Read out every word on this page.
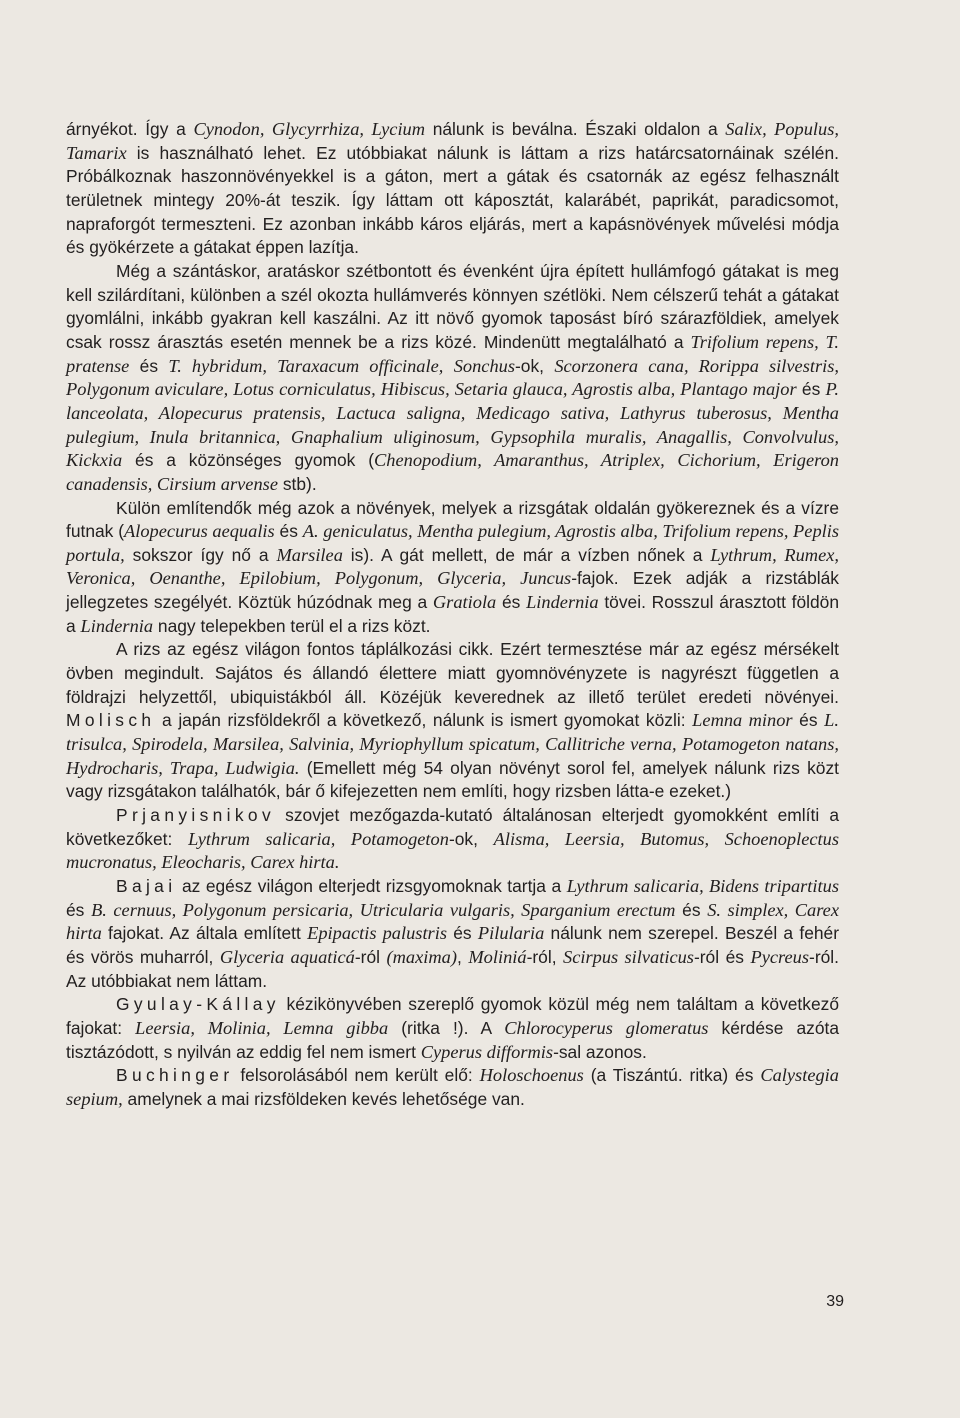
árnyékot. Így a Cynodon, Glycyrrhiza, Lycium nálunk is beválna. Északi oldalon a Salix, Populus, Tamarix is használható lehet. Ez utóbbiakat nálunk is láttam a rizs határcsatornáinak szélén. Próbálkoznak haszonnövényekkel is a gáton, mert a gátak és csatornák az egész felhasznált területnek mintegy 20%-át teszik. Így láttam ott káposztát, kalarábét, paprikát, paradicsomot, napraforgót termeszteni. Ez azonban inkább káros eljárás, mert a kapásnövények művelési módja és gyökérzete a gátakat éppen lazítja.

Még a szántáskor, aratáskor szétbontott és évenként újra épített hullámfogó gátakat is meg kell szilárdítani, különben a szél okozta hullámverés könnyen szétlöki. Nem célszerű tehát a gátakat gyomlálni, inkább gyakran kell kaszálni. Az itt növő gyomok taposást bíró szárazföldiek, amelyek csak rossz árasztás esetén mennek be a rizs közé. Mindenütt megtalálható a Trifolium repens, T. pratense és T. hybridum, Taraxacum officinale, Sonchus-ok, Scorzonera cana, Rorippa silvestris, Polygonum aviculare, Lotus corniculatus, Hibiscus, Setaria glauca, Agrostis alba, Plantago major és P. lanceolata, Alopecurus pratensis, Lactuca saligna, Medicago sativa, Lathyrus tuberosus, Mentha pulegium, Inula britannica, Gnaphalium uliginosum, Gypsophila muralis, Anagallis, Convolvulus, Kickxia és a közönséges gyomok (Chenopodium, Amaranthus, Atriplex, Cichorium, Erigeron canadensis, Cirsium arvense stb).

Külön említendők még azok a növények, melyek a rizsgátak oldalán gyökereznek és a vízre futnak (Alopecurus aequalis és A. geniculatus, Mentha pulegium, Agrostis alba, Trifolium repens, Peplis portula, sokszor így nő a Marsilea is). A gát mellett, de már a vízben nőnek a Lythrum, Rumex, Veronica, Oenanthe, Epilobium, Polygonum, Glyceria, Juncus-fajok. Ezek adják a rizstáblák jellegzetes szegélyét. Köztük húzódnak meg a Gratiola és Lindernia tövei. Rosszul árasztott földön a Lindernia nagy telepekben terül el a rizs közt.

A rizs az egész világon fontos táplálkozási cikk. Ezért termesztése már az egész mérsékelt övben megindult. Sajátos és állandó élettere miatt gyomnövényzete is nagyrészt független a földrajzi helyzettől, ubiquistákból áll. Közéjük keverednek az illető terület eredeti növényei. Molisch a japán rizsföldekről a következő, nálunk is ismert gyomokat közli: Lemna minor és L. trisulca, Spirodela, Marsilea, Salvinia, Myriophyllum spicatum, Callitriche verna, Potamogeton natans, Hydrocharis, Trapa, Ludwigia. (Emellett még 54 olyan növényt sorol fel, amelyek nálunk rizs közt vagy rizsgátakon találhatók, bár ő kifejezetten nem említi, hogy rizsben látta-e ezeket.)

Prjanyisnikov szovjet mezőgazda-kutató általánosan elterjedt gyomokként említi a következőket: Lythrum salicaria, Potamogeton-ok, Alisma, Leersia, Butomus, Schoenoplectus mucronatus, Eleocharis, Carex hirta.

Bajai az egész világon elterjedt rizsgyomoknak tartja a Lythrum salicaria, Bidens tripartitus és B. cernuus, Polygonum persicaria, Utricularia vulgaris, Sparganium erectum és S. simplex, Carex hirta fajokat. Az általa említett Epipactis palustris és Pilularia nálunk nem szerepel. Beszél a fehér és vörös muharról, Glyceria aquaticá-ról (maxima), Moliniá-ról, Scirpus silvaticus-ról és Pycreus-ról. Az utóbbiakat nem láttam.

Gyulay-Kállay kézikönyvében szereplő gyomok közül még nem találtam a következő fajokat: Leersia, Molinia, Lemna gibba (ritka !). A Chlorocyperus glomeratus kérdése azóta tisztázódott, s nyilván az eddig fel nem ismert Cyperus difformis-sal azonos.

Buchinger felsorolásából nem került elő: Holoschoenus (a Tiszántú. ritka) és Calystegia sepium, amelynek a mai rizsföldeken kevés lehetősége van.

39
